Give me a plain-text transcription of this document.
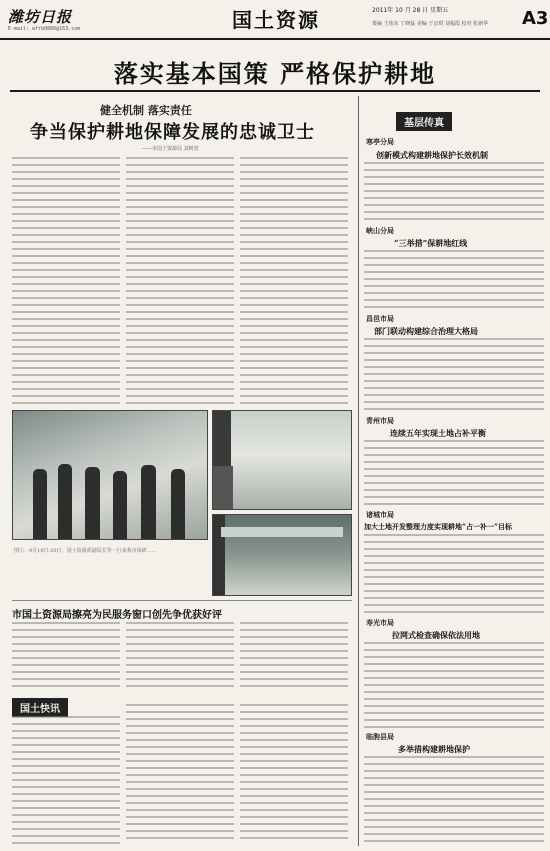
潍坊日报
E-mail: wfrb0806@163.com	国土资源	2011年 10 月 28 日 星期五
策编 王伟东 丁晓磊 美编 于京琪 刘福霞 校对 张新华 A3
落实基本国策 严格保护耕地
健全机制 落实责任
争当保护耕地保障发展的忠诚卫士
——市国土资源局 刘树宽
图①：9月19日-20日，国土资源部副局长等一行来我市调研……
市国土资源局擦亮为民服务窗口创先争优获好评
国土快讯
基层传真
寒亭分局
创新模式构建耕地保护长效机制
峡山分局
“三举措”保耕地红线
昌邑市局
部门联动构建综合治理大格局
青州市局
连续五年实现土地占补平衡
诸城市局
加大土地开发整理力度实现耕地“占一补一”目标
寿光市局
拉网式检查确保依法用地
临朐县局
多举措构建耕地保护
